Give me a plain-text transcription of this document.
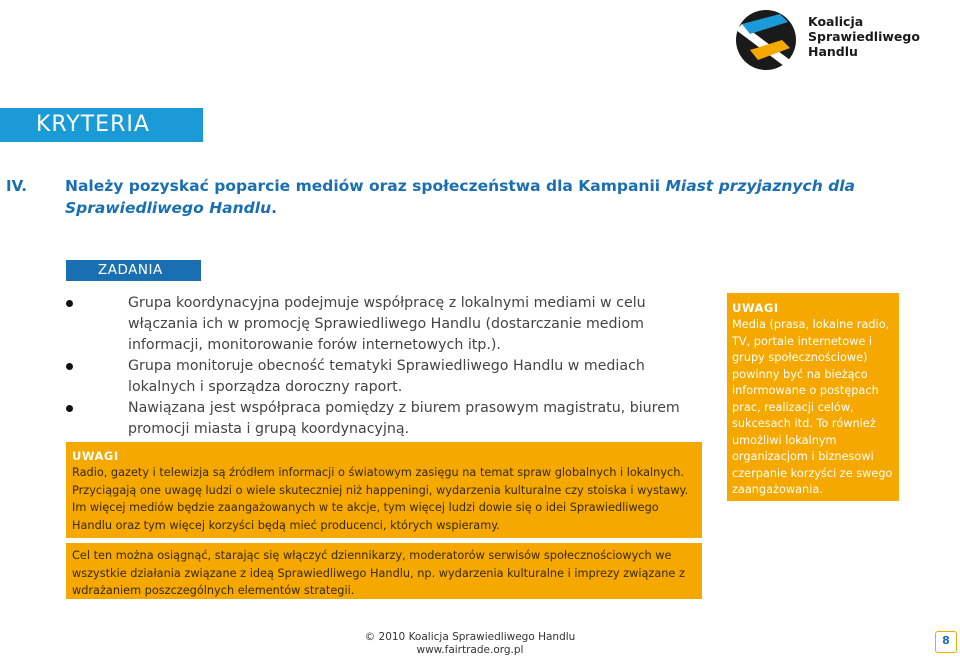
Koalicja
Sprawiedliwego
Handlu
KRYTERIA
IV. Należy pozyskać poparcie mediów oraz społeczeństwa dla Kampanii Miast przyjaznych dla Sprawiedliwego Handlu.
ZADANIA
Grupa koordynacyjna podejmuje współpracę z lokalnymi mediami w celu włączania ich w promocję Sprawiedliwego Handlu (dostarczanie mediom informacji, monitorowanie forów internetowych itp.).
Grupa monitoruje obecność tematyki Sprawiedliwego Handlu w mediach lokalnych i sporządza doroczny raport.
Nawiązana jest współpraca pomiędzy z biurem prasowym magistratu, biurem promocji miasta i grupą koordynacyjną.
UWAGI
Radio, gazety i telewizja są źródłem informacji o światowym zasięgu na temat spraw globalnych i lokalnych. Przyciągają one uwagę ludzi o wiele skuteczniej niż happeningi, wydarzenia kulturalne czy stoiska i wystawy. Im więcej mediów będzie zaangażowanych w te akcje, tym więcej ludzi dowie się o idei Sprawiedliwego Handlu oraz tym więcej korzyści będą mieć producenci, których wspieramy.
Cel ten można osiągnąć, starając się włączyć dziennikarzy, moderatorów serwisów społecznościowych we wszystkie działania związane z ideą Sprawiedliwego Handlu, np. wydarzenia kulturalne i imprezy związane z wdrażaniem poszczególnych elementów strategii.
UWAGI
Media (prasa, lokalne radio, TV, portale internetowe i grupy społecznościowe) powinny być na bieżąco informowane o postępach prac, realizacji celów, sukcesach itd. To również umożliwi lokalnym organizacjom i biznesowi czerpanie korzyści ze swego zaangażowania.
© 2010 Koalicja Sprawiedliwego Handlu
www.fairtrade.org.pl
8
